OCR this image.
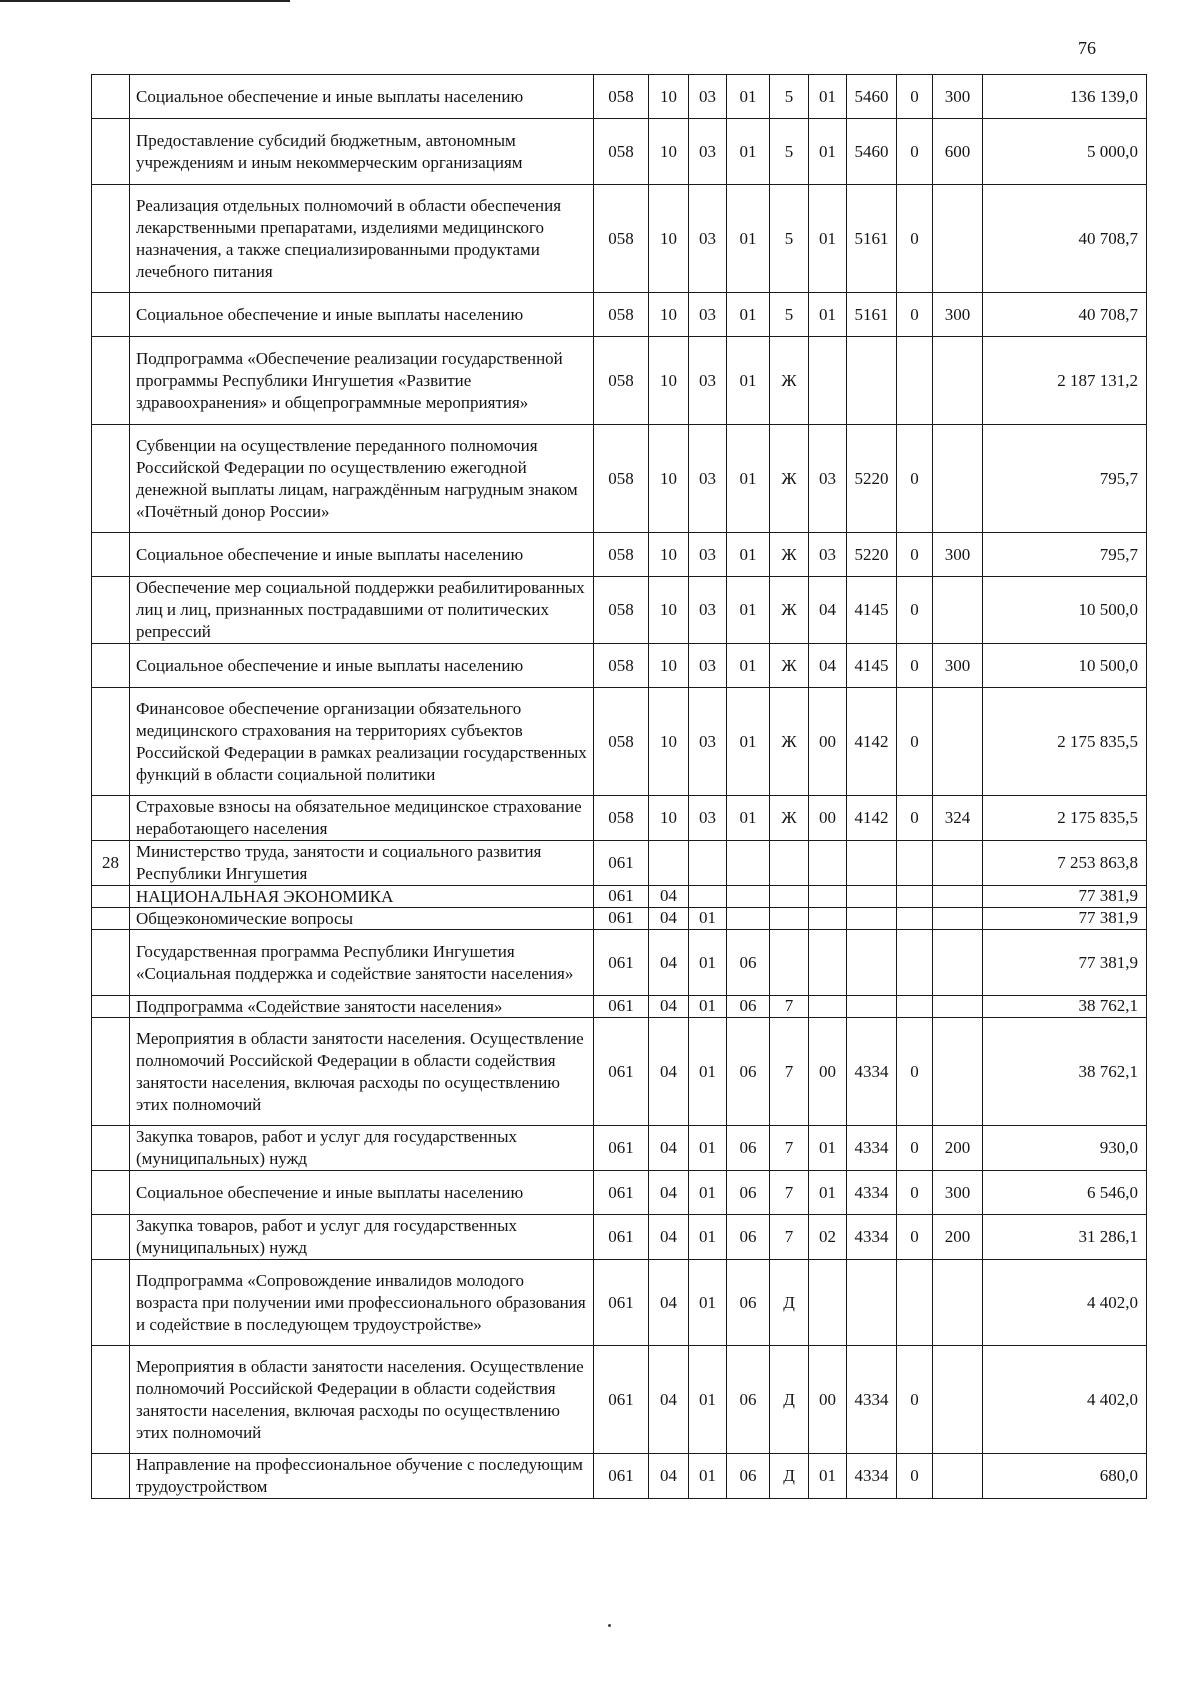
76
	Социальное обеспечение и иные выплаты населению	058	10	03	01	5	01	5460	0	300	136 139,0
	Предоставление субсидий бюджетным, автономным учреждениям и иным некоммерческим организациям	058	10	03	01	5	01	5460	0	600	5 000,0
	Реализация отдельных полномочий в области обеспечения лекарственными препаратами, изделиями медицинского назначения, а также специализированными продуктами лечебного питания	058	10	03	01	5	01	5161	0		40 708,7
	Социальное обеспечение и иные выплаты населению	058	10	03	01	5	01	5161	0	300	40 708,7
	Подпрограмма «Обеспечение реализации государственной программы Республики Ингушетия «Развитие здравоохранения» и общепрограммные мероприятия»	058	10	03	01	Ж					2 187 131,2
	Субвенции на осуществление переданного полномочия Российской Федерации по осуществлению ежегодной денежной выплаты лицам, награждённым нагрудным знаком «Почётный донор России»	058	10	03	01	Ж	03	5220	0		795,7
	Социальное обеспечение и иные выплаты населению	058	10	03	01	Ж	03	5220	0	300	795,7
	Обеспечение мер социальной поддержки реабилитированных лиц и лиц, признанных пострадавшими от политических репрессий	058	10	03	01	Ж	04	4145	0		10 500,0
	Социальное обеспечение и иные выплаты населению	058	10	03	01	Ж	04	4145	0	300	10 500,0
	Финансовое обеспечение организации обязательного медицинского страхования на территориях субъектов Российской Федерации в рамках реализации государственных функций в области социальной политики	058	10	03	01	Ж	00	4142	0		2 175 835,5
	Страховые взносы на обязательное медицинское страхование неработающего населения	058	10	03	01	Ж	00	4142	0	324	2 175 835,5
28	Министерство труда, занятости и социального развития Республики Ингушетия	061									7 253 863,8
	НАЦИОНАЛЬНАЯ ЭКОНОМИКА	061	04								77 381,9
	Общеэкономические вопросы	061	04	01							77 381,9
	Государственная программа Республики Ингушетия «Социальная поддержка и содействие занятости населения»	061	04	01	06						77 381,9
	Подпрограмма «Содействие занятости населения»	061	04	01	06	7					38 762,1
	Мероприятия в области занятости населения. Осуществление полномочий Российской Федерации в области содействия занятости населения, включая расходы по осуществлению этих полномочий	061	04	01	06	7	00	4334	0		38 762,1
	Закупка товаров, работ и услуг для государственных (муниципальных) нужд	061	04	01	06	7	01	4334	0	200	930,0
	Социальное обеспечение и иные выплаты населению	061	04	01	06	7	01	4334	0	300	6 546,0
	Закупка товаров, работ и услуг для государственных (муниципальных) нужд	061	04	01	06	7	02	4334	0	200	31 286,1
	Подпрограмма «Сопровождение инвалидов молодого возраста при получении ими профессионального образования и содействие в последующем трудоустройстве»	061	04	01	06	Д					4 402,0
	Мероприятия в области занятости населения. Осуществление полномочий Российской Федерации в области содействия занятости населения, включая расходы по осуществлению этих полномочий	061	04	01	06	Д	00	4334	0		4 402,0
	Направление на профессиональное обучение с последующим трудоустройством	061	04	01	06	Д	01	4334	0		680,0
